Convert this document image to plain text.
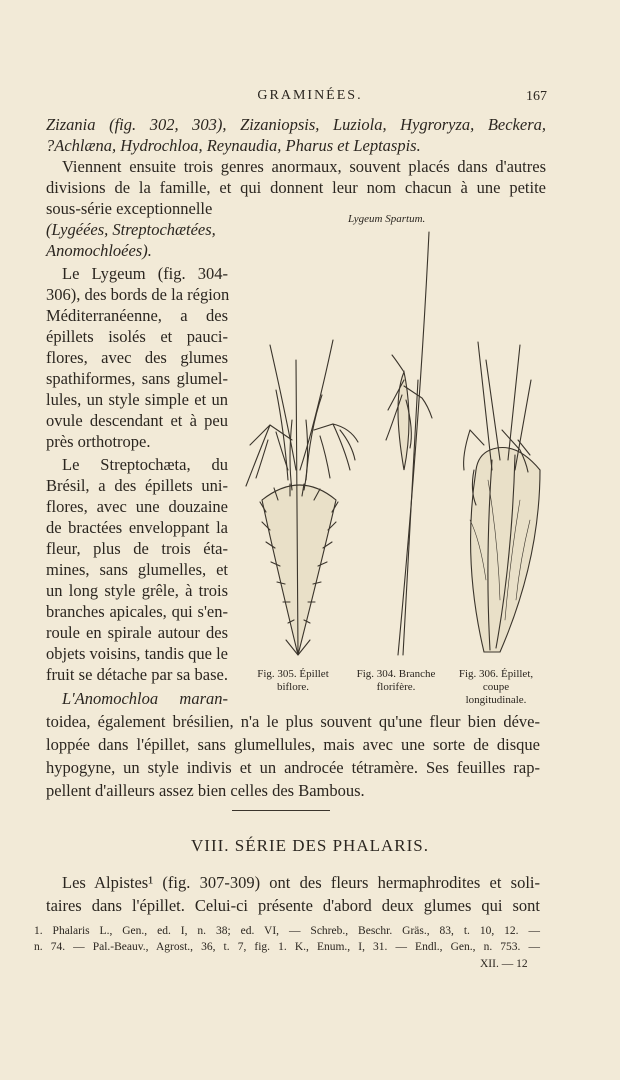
GRAMINÉES.	167
Zizania (fig. 302, 303), Zizaniopsis, Luziola, Hygroryza, Beckera,
?Achlæna, Hydrochloa, Reynaudia, Pharus et Leptaspis.
Viennent ensuite trois genres anormaux, souvent placés dans d'autres
divisions de la famille, et qui donnent leur nom chacun à une petite
sous-série exceptionnelle
(Lygéées, Streptochætées,
Anomochloées).
Le Lygeum (fig. 304-
306), des bords de la région
Méditerranéenne, a des
épillets isolés et pauci-
flores, avec des glumes
spathiformes, sans glumel-
lules, un style simple et un
ovule descendant et à peu
près orthotrope.
Le Streptochæta, du
Brésil, a des épillets uni-
flores, avec une douzaine
de bractées enveloppant la
fleur, plus de trois éta-
mines, sans glumelles, et
un long style grêle, à trois
branches apicales, qui s'en-
roule en spirale autour des
objets voisins, tandis que le
fruit se détache par sa base.
L'Anomochloa maran-
toidea, également brésilien, n'a le plus souvent qu'une fleur bien déve-
loppée dans l'épillet, sans glumellules, mais avec une sorte de disque
hypogyne, un style indivis et un androcée tétramère. Ses feuilles rap-
pellent d'ailleurs assez bien celles des Bambous.
Lygeum Spartum.
Fig. 305. Épillet
biflore.
Fig. 304. Branche
florifère.
Fig. 306. Épillet,
coupe
longitudinale.
VIII. SÉRIE DES PHALARIS.
Les Alpistes¹ (fig. 307-309) ont des fleurs hermaphrodites et soli-
taires dans l'épillet. Celui-ci présente d'abord deux glumes qui sont
1. Phalaris L., Gen., ed. I, n. 38; ed. VI, — Schreb., Beschr. Gräs., 83, t. 10, 12. —
n. 74. — Pal.-Beauv., Agrost., 36, t. 7, fig. 1. K., Enum., I, 31. — Endl., Gen., n. 753. —
XII. — 12
